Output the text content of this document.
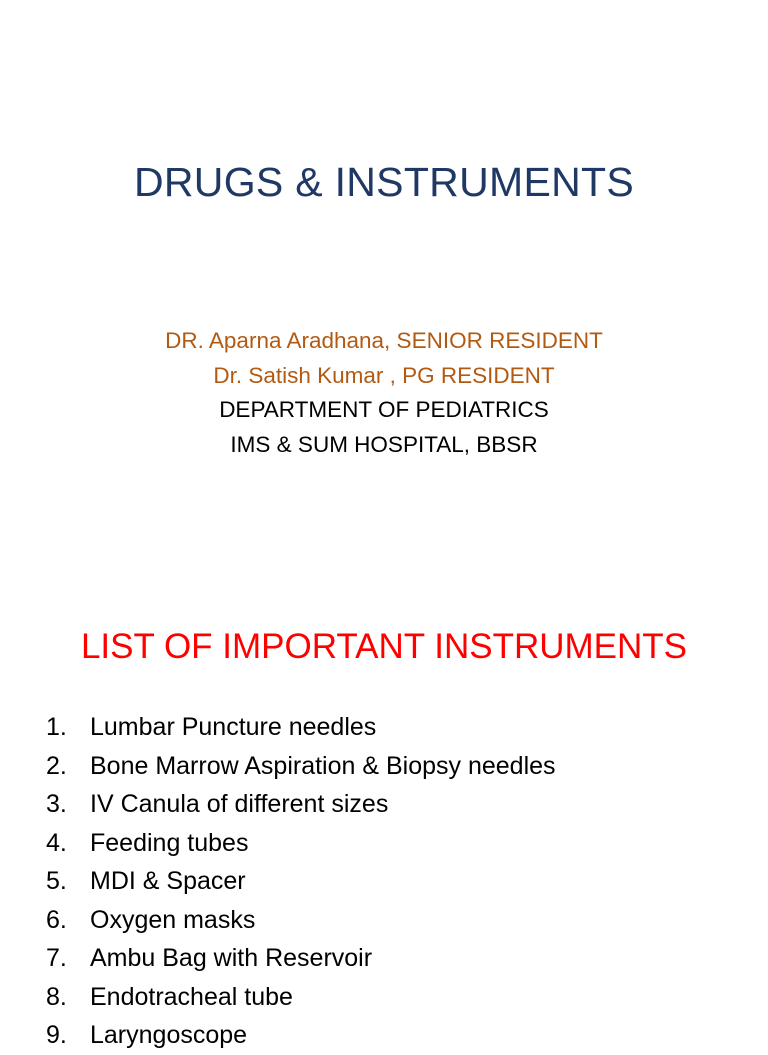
DRUGS & INSTRUMENTS
DR. Aparna Aradhana, SENIOR RESIDENT
Dr. Satish Kumar , PG RESIDENT
DEPARTMENT OF PEDIATRICS
IMS & SUM HOSPITAL, BBSR
LIST OF IMPORTANT INSTRUMENTS
1. Lumbar Puncture needles
2. Bone Marrow Aspiration & Biopsy needles
3. IV Canula of different sizes
4. Feeding tubes
5. MDI & Spacer
6. Oxygen masks
7. Ambu Bag with Reservoir
8. Endotracheal tube
9. Laryngoscope
